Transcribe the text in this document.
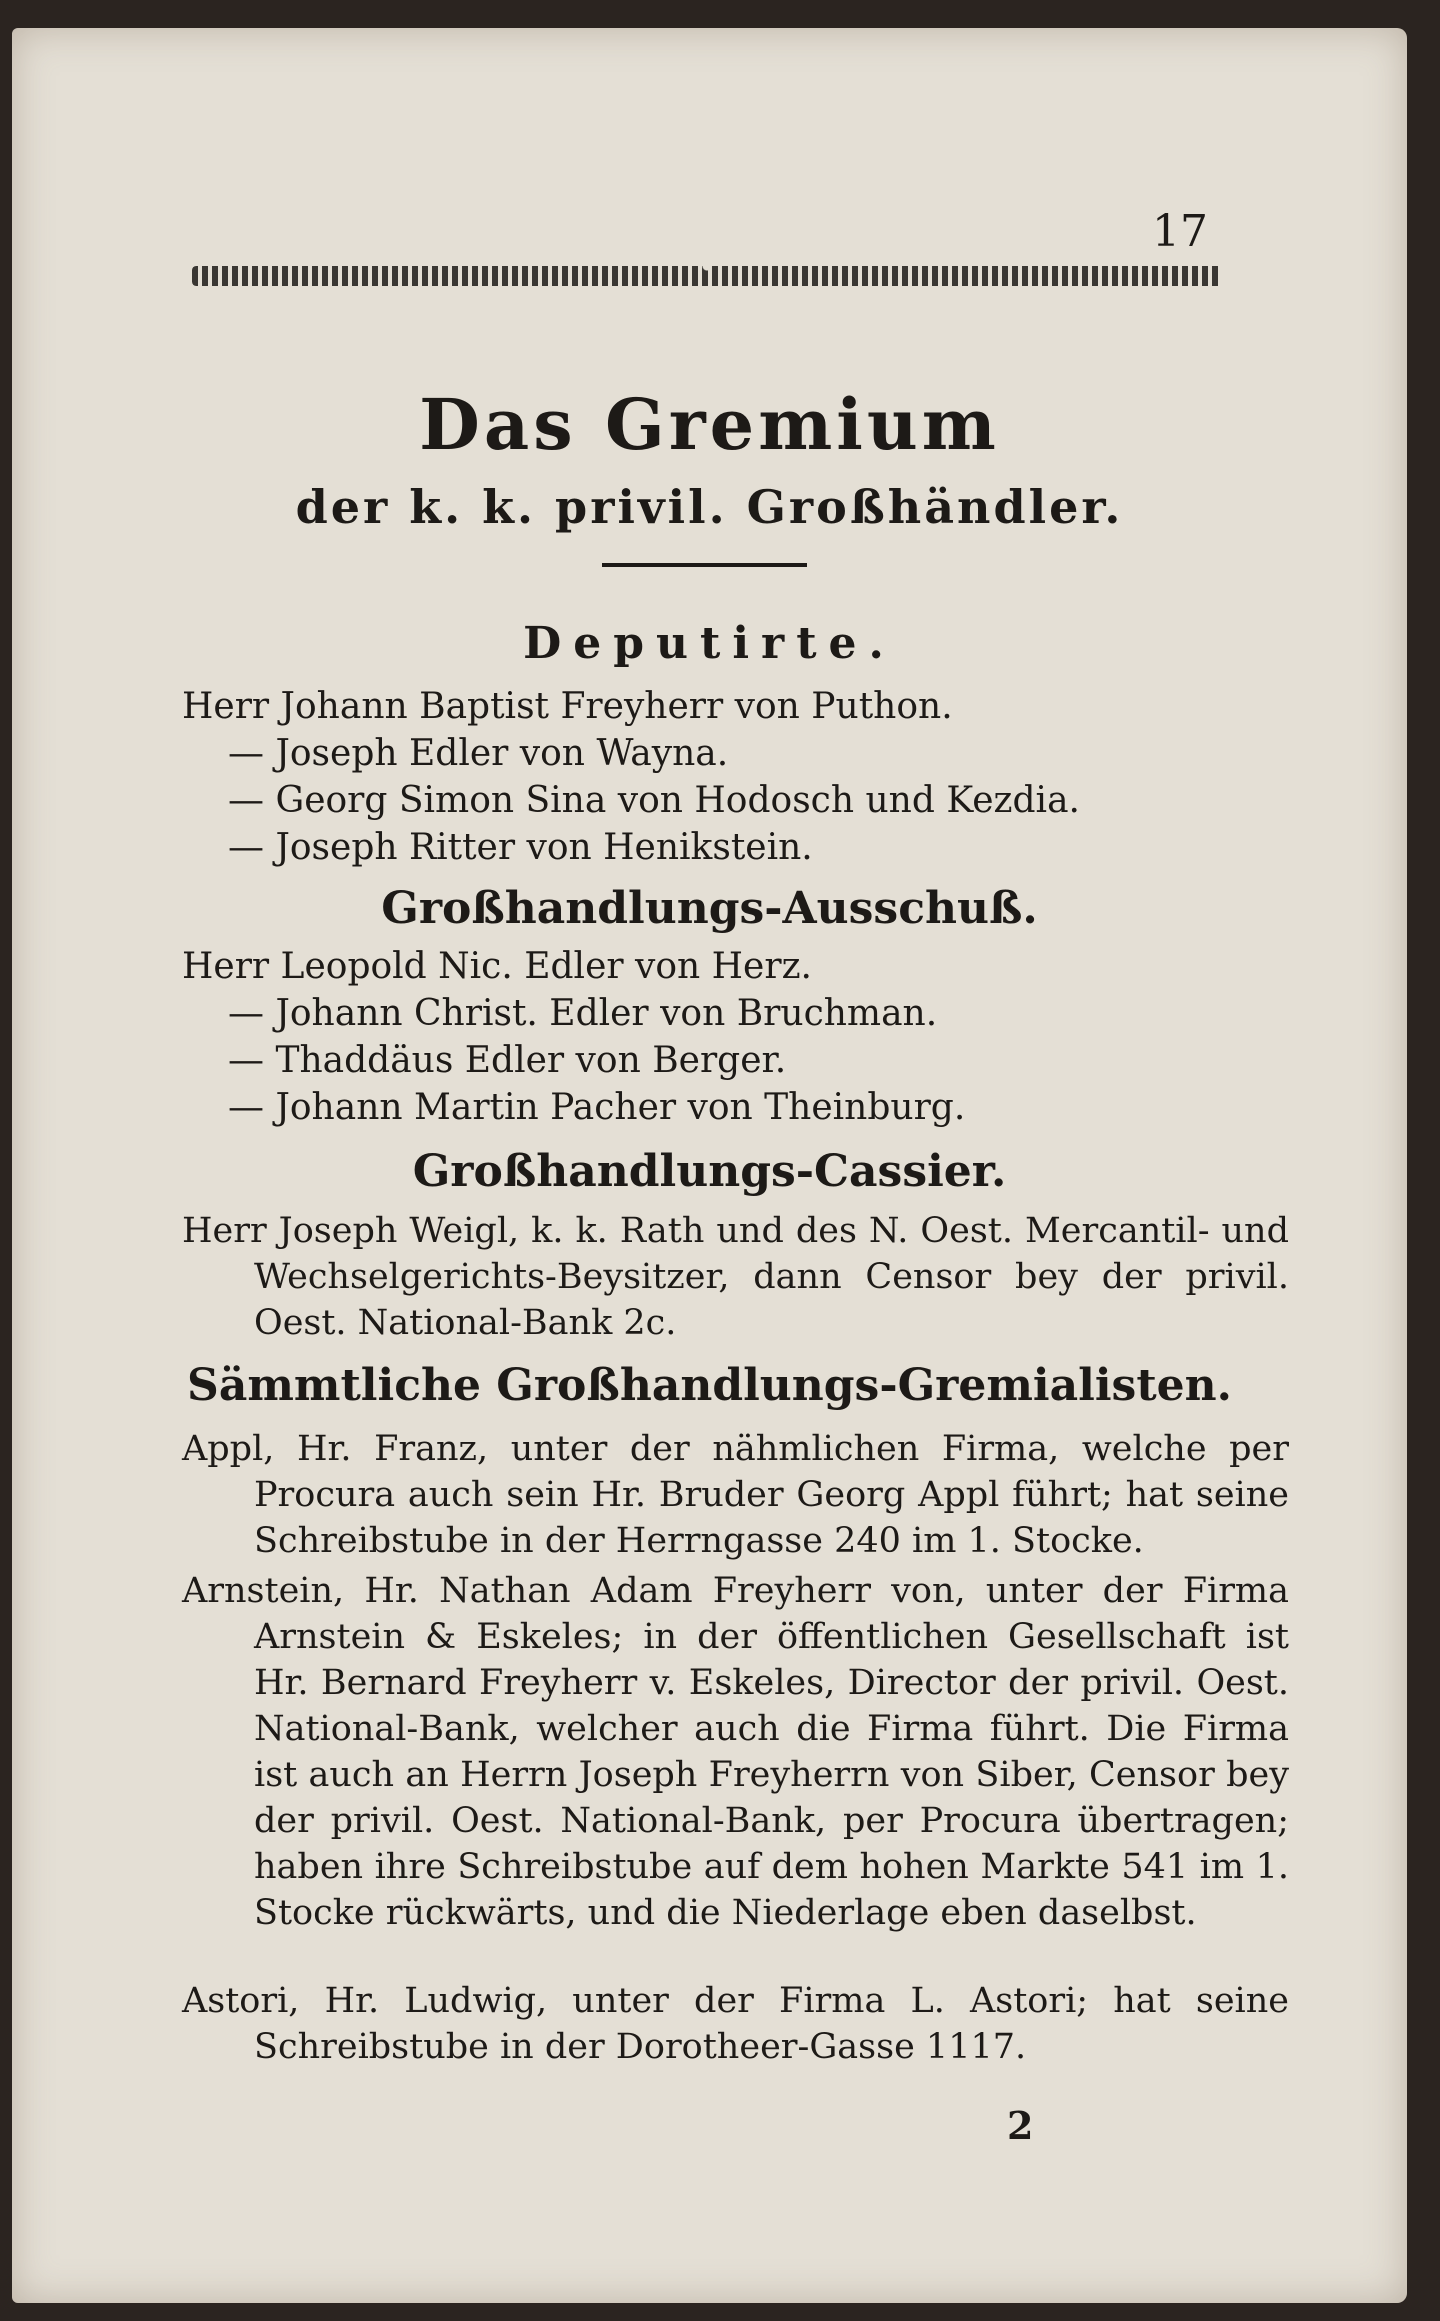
17
Das Gremium
der k. k. privil. Großhändler.
Deputirte.
Herr Johann Baptist Freyherr von Puthon.
— Joseph Edler von Wayna.
— Georg Simon Sina von Hodosch und Kezdia.
— Joseph Ritter von Henikstein.
Großhandlungs-Ausschuß.
Herr Leopold Nic. Edler von Herz.
— Johann Christ. Edler von Bruchman.
— Thaddäus Edler von Berger.
— Johann Martin Pacher von Theinburg.
Großhandlungs-Cassier.
Herr Joseph Weigl, k. k. Rath und des N. Oest. Mercantil- und Wechselgerichts-Beysitzer, dann Censor bey der privil. Oest. National-Bank 2c.
Sämmtliche Großhandlungs-Gremialisten.
Appl, Hr. Franz, unter der nähmlichen Firma, welche per Procura auch sein Hr. Bruder Georg Appl führt; hat seine Schreibstube in der Herrngasse 240 im 1. Stocke.
Arnstein, Hr. Nathan Adam Freyherr von, unter der Firma Arnstein & Eskeles; in der öffentlichen Gesellschaft ist Hr. Bernard Freyherr v. Eskeles, Director der privil. Oest. National-Bank, welcher auch die Firma führt. Die Firma ist auch an Herrn Joseph Freyherrn von Siber, Censor bey der privil. Oest. National-Bank, per Procura übertragen; haben ihre Schreibstube auf dem hohen Markte 541 im 1. Stocke rückwärts, und die Niederlage eben daselbst.
Astori, Hr. Ludwig, unter der Firma L. Astori; hat seine Schreibstube in der Dorotheer-Gasse 1117.
2
